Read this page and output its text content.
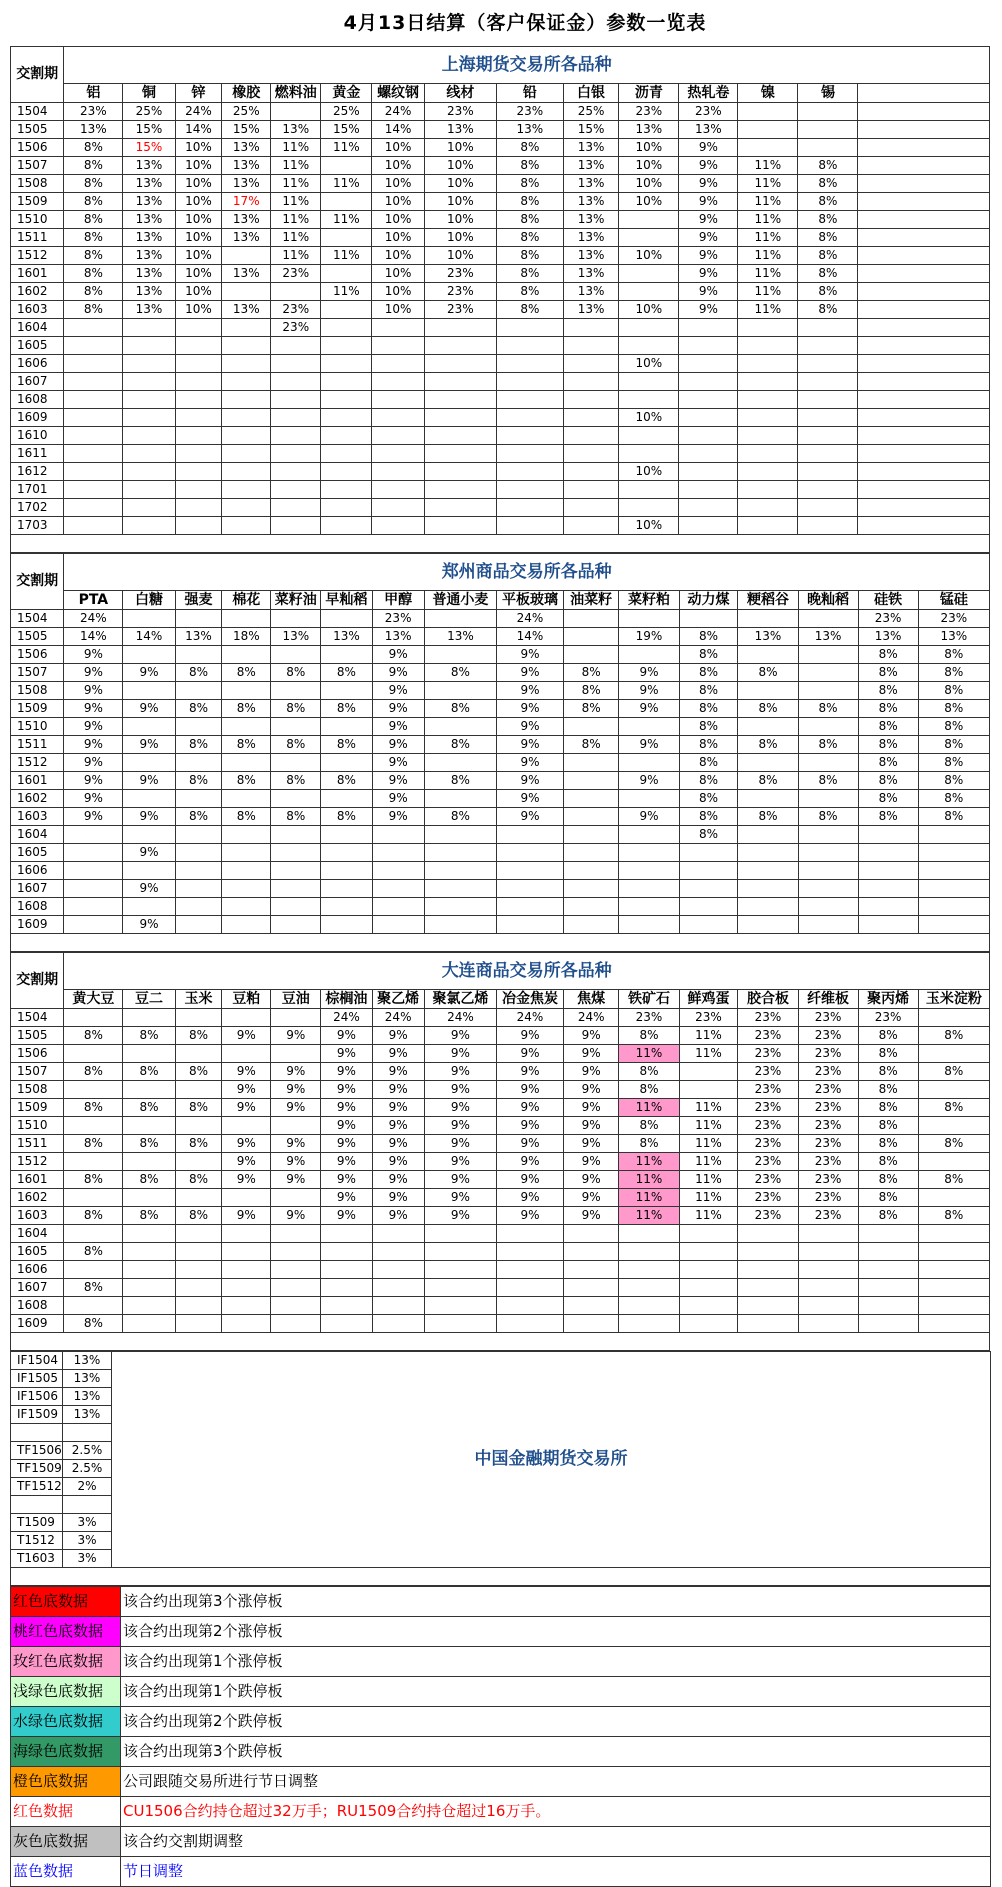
4月13日结算（客户保证金）参数一览表
交割期	上海期货交易所各品种														
	铝	铜	锌	橡胶	燃料油	黄金	螺纹钢	线材	铅	白银	沥青	热轧卷	镍	锡	
1504	23%	25%	24%	25%		25%	24%	23%	23%	25%	23%	23%			
1505	13%	15%	14%	15%	13%	15%	14%	13%	13%	15%	13%	13%			
1506	8%	15%	10%	13%	11%	11%	10%	10%	8%	13%	10%	9%			
1507	8%	13%	10%	13%	11%		10%	10%	8%	13%	10%	9%	11%	8%	
1508	8%	13%	10%	13%	11%	11%	10%	10%	8%	13%	10%	9%	11%	8%	
1509	8%	13%	10%	17%	11%		10%	10%	8%	13%	10%	9%	11%	8%	
1510	8%	13%	10%	13%	11%	11%	10%	10%	8%	13%		9%	11%	8%	
1511	8%	13%	10%	13%	11%		10%	10%	8%	13%		9%	11%	8%	
1512	8%	13%	10%		11%	11%	10%	10%	8%	13%	10%	9%	11%	8%	
1601	8%	13%	10%	13%	23%		10%	23%	8%	13%		9%	11%	8%	
1602	8%	13%	10%			11%	10%	23%	8%	13%		9%	11%	8%	
1603	8%	13%	10%	13%	23%		10%	23%	8%	13%	10%	9%	11%	8%	
1604					23%										
1605															
1606											10%				
1607															
1608															
1609											10%				
1610															
1611															
1612											10%				
1701															
1702															
1703											10%				

交割期	郑州商品交易所各品种															
	PTA	白糖	强麦	棉花	菜籽油	早籼稻	甲醇	普通小麦	平板玻璃	油菜籽	菜籽粕	动力煤	粳稻谷	晚籼稻	硅铁	锰硅
1504	24%						23%		24%						23%	23%
1505	14%	14%	13%	18%	13%	13%	13%	13%	14%		19%	8%	13%	13%	13%	13%
1506	9%						9%		9%			8%			8%	8%
1507	9%	9%	8%	8%	8%	8%	9%	8%	9%	8%	9%	8%	8%		8%	8%
1508	9%						9%		9%	8%	9%	8%			8%	8%
1509	9%	9%	8%	8%	8%	8%	9%	8%	9%	8%	9%	8%	8%	8%	8%	8%
1510	9%						9%		9%			8%			8%	8%
1511	9%	9%	8%	8%	8%	8%	9%	8%	9%	8%	9%	8%	8%	8%	8%	8%
1512	9%						9%		9%			8%			8%	8%
1601	9%	9%	8%	8%	8%	8%	9%	8%	9%		9%	8%	8%	8%	8%	8%
1602	9%						9%		9%			8%			8%	8%
1603	9%	9%	8%	8%	8%	8%	9%	8%	9%		9%	8%	8%	8%	8%	8%
1604												8%				
1605		9%														
1606																
1607		9%														
1608																
1609		9%														

交割期	大连商品交易所各品种															
	黄大豆	豆二	玉米	豆粕	豆油	棕榈油	聚乙烯	聚氯乙烯	冶金焦炭	焦煤	铁矿石	鲜鸡蛋	胶合板	纤维板	聚丙烯	玉米淀粉
1504						24%	24%	24%	24%	24%	23%	23%	23%	23%	23%	
1505	8%	8%	8%	9%	9%	9%	9%	9%	9%	9%	8%	11%	23%	23%	8%	8%
1506						9%	9%	9%	9%	9%	11%	11%	23%	23%	8%	
1507	8%	8%	8%	9%	9%	9%	9%	9%	9%	9%	8%		23%	23%	8%	8%
1508				9%	9%	9%	9%	9%	9%	9%	8%		23%	23%	8%	
1509	8%	8%	8%	9%	9%	9%	9%	9%	9%	9%	11%	11%	23%	23%	8%	8%
1510						9%	9%	9%	9%	9%	8%	11%	23%	23%	8%	
1511	8%	8%	8%	9%	9%	9%	9%	9%	9%	9%	8%	11%	23%	23%	8%	8%
1512				9%	9%	9%	9%	9%	9%	9%	11%	11%	23%	23%	8%	
1601	8%	8%	8%	9%	9%	9%	9%	9%	9%	9%	11%	11%	23%	23%	8%	8%
1602						9%	9%	9%	9%	9%	11%	11%	23%	23%	8%	
1603	8%	8%	8%	9%	9%	9%	9%	9%	9%	9%	11%	11%	23%	23%	8%	8%
1604																
1605	8%															
1606																
1607	8%															
1608																
1609	8%															

IF1504	13%	中国金融期货交易所
IF1505	13%	
IF1506	13%	
IF1509	13%	

TF1506	2.5%	
TF1509	2.5%	
TF1512	2%	

T1509	3%	
T1512	3%	
T1603	3%	

红色底数据	该合约出现第3个涨停板
桃红色底数据	该合约出现第2个涨停板
玫红色底数据	该合约出现第1个涨停板
浅绿色底数据	该合约出现第1个跌停板
水绿色底数据	该合约出现第2个跌停板
海绿色底数据	该合约出现第3个跌停板
橙色底数据	公司跟随交易所进行节日调整
红色数据	CU1506合约持仓超过32万手；RU1509合约持仓超过16万手。
灰色底数据	该合约交割期调整
蓝色数据	节日调整
